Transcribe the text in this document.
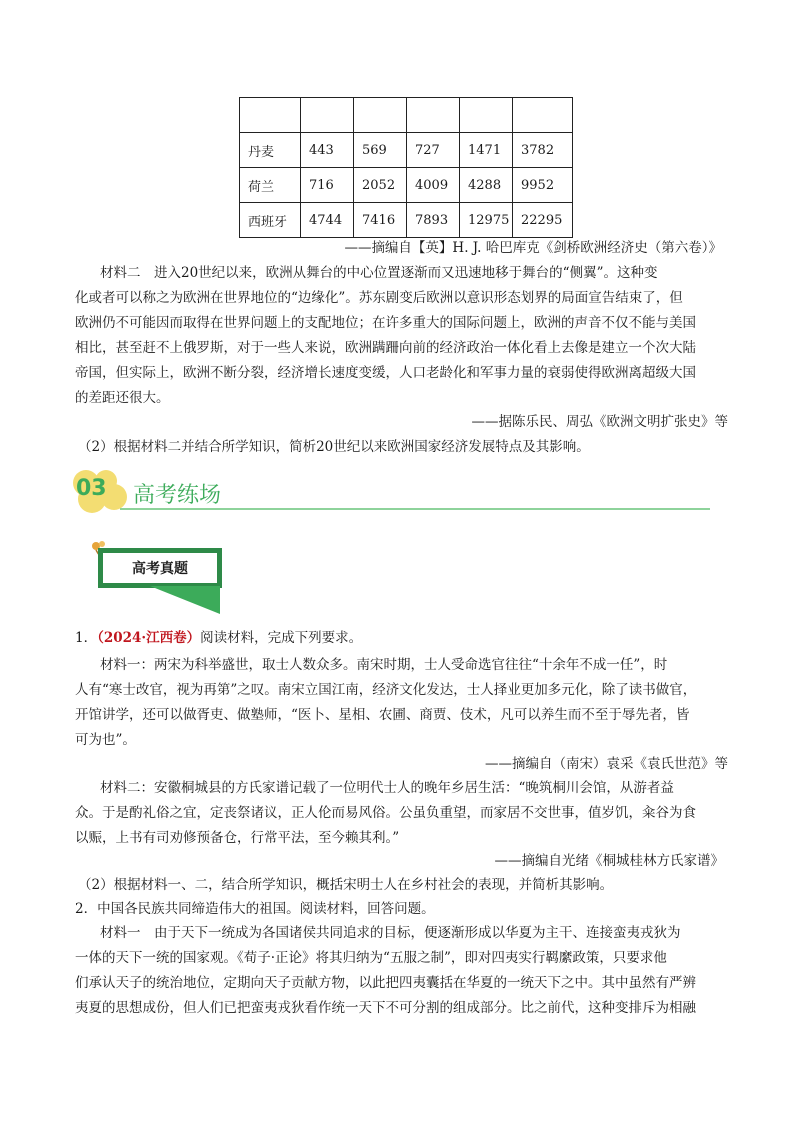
丹麦	443	569	727	1471	3782
荷兰	716	2052	4009	4288	9952
西班牙	4744	7416	7893	12975	22295
——摘编自【英】H. J. 哈巴库克《剑桥欧洲经济史（第六卷）》
材料二　进入20世纪以来，欧洲从舞台的中心位置逐渐而又迅速地移于舞台的“侧翼”。这种变
化或者可以称之为欧洲在世界地位的“边缘化”。苏东剧变后欧洲以意识形态划界的局面宣告结束了，但
欧洲仍不可能因而取得在世界问题上的支配地位；在许多重大的国际问题上，欧洲的声音不仅不能与美国
相比，甚至赶不上俄罗斯，对于一些人来说，欧洲蹒跚向前的经济政治一体化看上去像是建立一个次大陆
帝国，但实际上，欧洲不断分裂，经济增长速度变缓，人口老龄化和军事力量的衰弱使得欧洲离超级大国
的差距还很大。
——据陈乐民、周弘《欧洲文明扩张史》等
（2）根据材料二并结合所学知识，简析20世纪以来欧洲国家经济发展特点及其影响。
03 高考练场
高考真题
1．（2024·江西卷）阅读材料，完成下列要求。
材料一：两宋为科举盛世，取士人数众多。南宋时期，士人受命选官往往“十余年不成一任”，时
人有“寒士改官，视为再第”之叹。南宋立国江南，经济文化发达，士人择业更加多元化，除了读书做官，
开馆讲学，还可以做胥吏、做塾师，“医卜、星相、农圃、商贾、伎术，凡可以养生而不至于辱先者，皆
可为也”。
——摘编自（南宋）袁采《袁氏世范》等
材料二：安徽桐城县的方氏家谱记载了一位明代士人的晚年乡居生活：“晚筑桐川会馆，从游者益
众。于是酌礼俗之宜，定丧祭诸议，正人伦而易风俗。公虽负重望，而家居不交世事，值岁饥，籴谷为食
以赈，上书有司劝修预备仓，行常平法，至今赖其利。”
——摘编自光绪《桐城桂林方氏家谱》
（2）根据材料一、二，结合所学知识，概括宋明士人在乡村社会的表现，并简析其影响。
2．中国各民族共同缔造伟大的祖国。阅读材料，回答问题。
材料一　由于天下一统成为各国诸侯共同追求的目标，便逐渐形成以华夏为主干、连接蛮夷戎狄为
一体的天下一统的国家观。《荀子·正论》将其归纳为“五服之制”，即对四夷实行羁縻政策，只要求他
们承认天子的统治地位，定期向天子贡献方物，以此把四夷囊括在华夏的一统天下之中。其中虽然有严辨
夷夏的思想成份，但人们已把蛮夷戎狄看作统一天下不可分割的组成部分。比之前代，这种变排斥为相融
